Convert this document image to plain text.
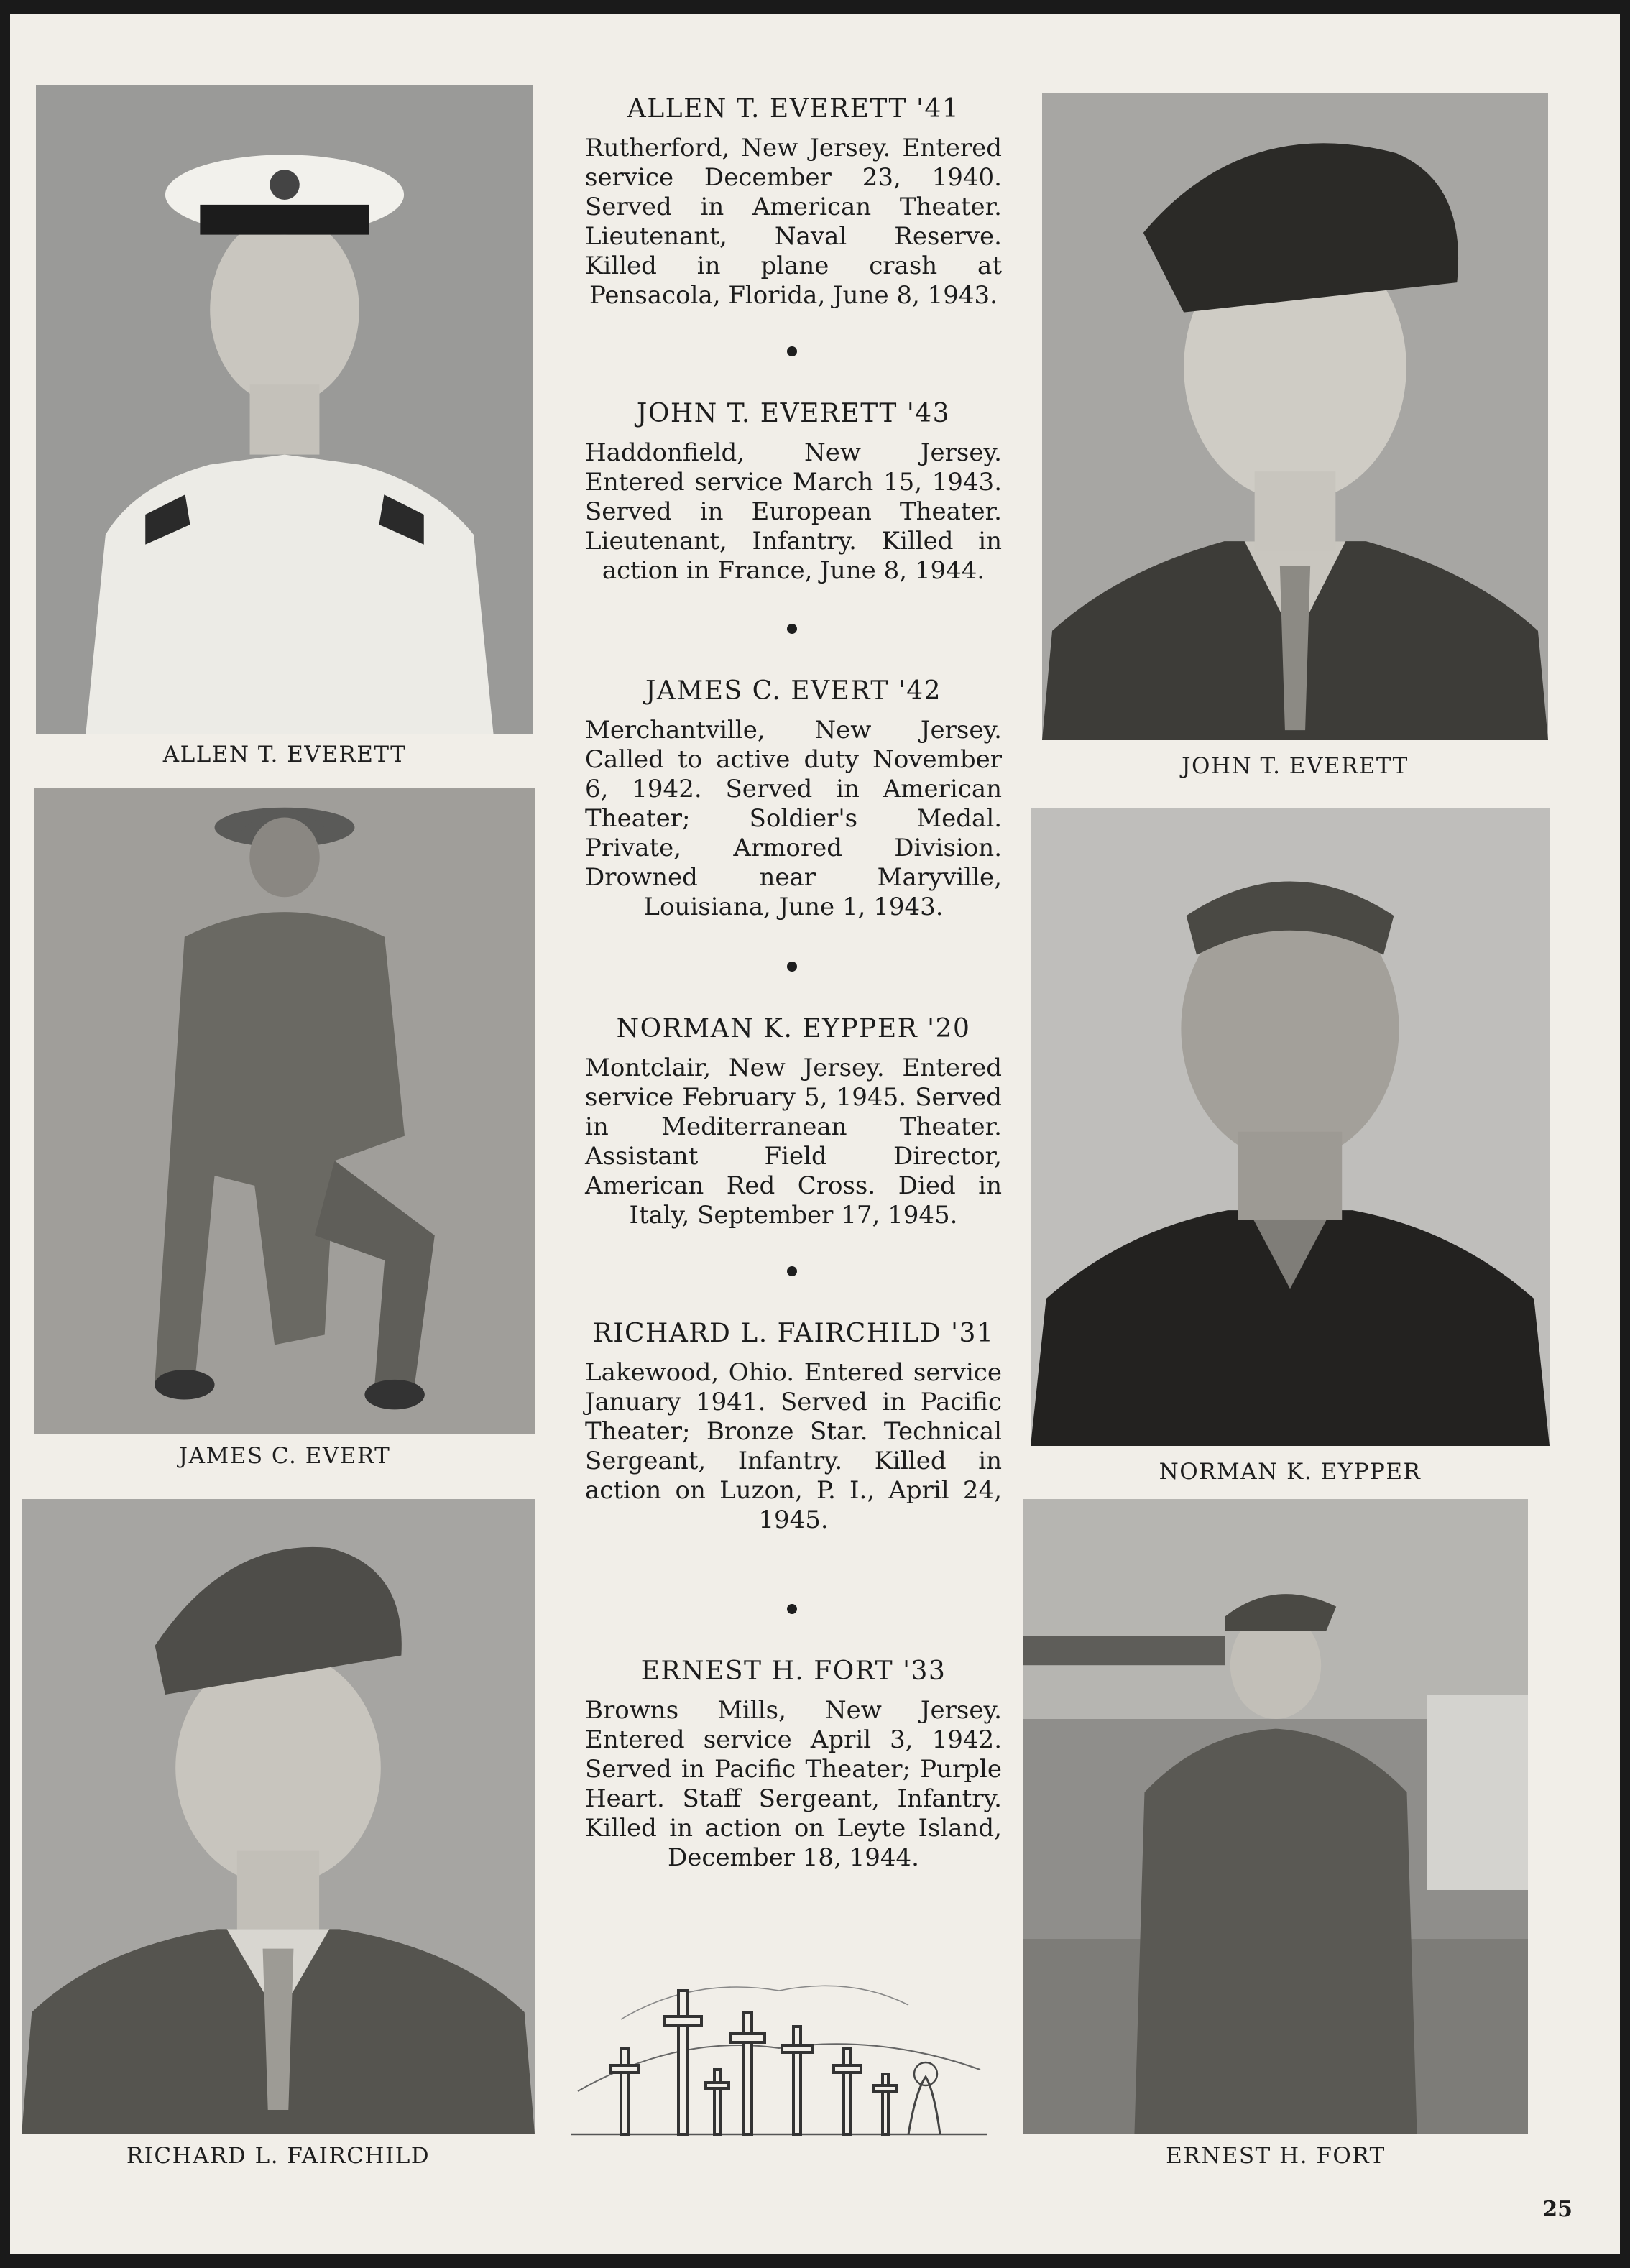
ALLEN T. EVERETT
JAMES C. EVERT
RICHARD L. FAIRCHILD
JOHN T. EVERETT
NORMAN K. EYPPER
ERNEST H. FORT
ALLEN T. EVERETT '41
Rutherford, New Jersey. Entered service December 23, 1940. Served in American Theater. Lieutenant, Naval Reserve. Killed in plane crash at Pensacola, Florida, June 8, 1943.
JOHN T. EVERETT '43
Haddonfield, New Jersey. Entered service March 15, 1943. Served in European Theater. Lieutenant, Infantry. Killed in action in France, June 8, 1944.
JAMES C. EVERT '42
Merchantville, New Jersey. Called to active duty November 6, 1942. Served in American Theater; Soldier's Medal. Private, Armored Division. Drowned near Maryville, Louisiana, June 1, 1943.
NORMAN K. EYPPER '20
Montclair, New Jersey. Entered service February 5, 1945. Served in Mediterranean Theater. Assistant Field Director, American Red Cross. Died in Italy, September 17, 1945.
RICHARD L. FAIRCHILD '31
Lakewood, Ohio. Entered service January 1941. Served in Pacific Theater; Bronze Star. Technical Sergeant, Infantry. Killed in action on Luzon, P. I., April 24, 1945.
ERNEST H. FORT '33
Browns Mills, New Jersey. Entered service April 3, 1942. Served in Pacific Theater; Purple Heart. Staff Sergeant, Infantry. Killed in action on Leyte Island, December 18, 1944.
25
